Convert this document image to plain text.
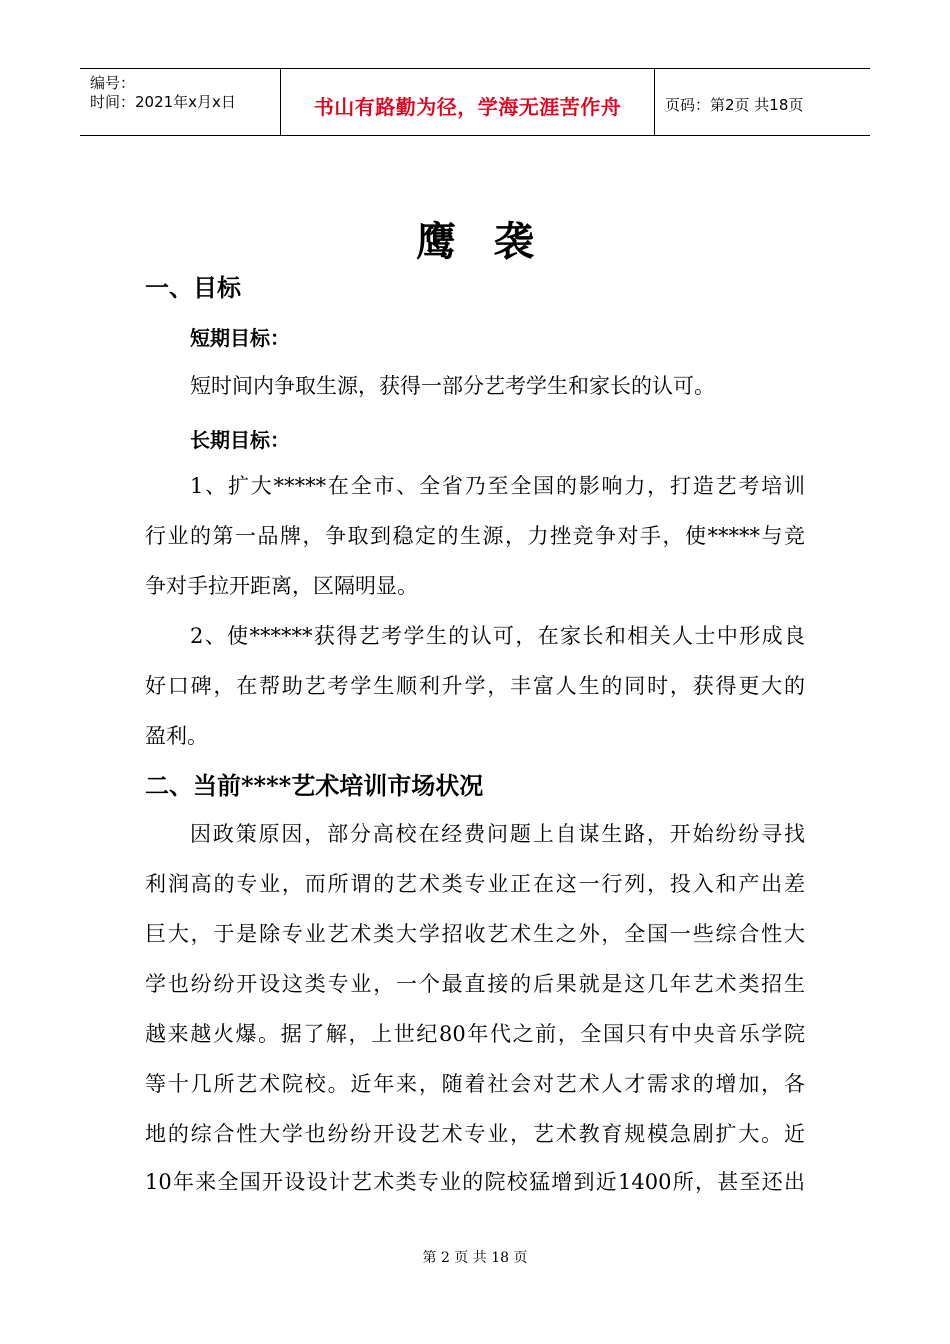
编号：
时间：2021年x月x日	书山有路勤为径，学海无涯苦作舟	页码：第2页 共18页
鹰袭
一、目标
短期目标：
短时间内争取生源，获得一部分艺考学生和家长的认可。
长期目标：
1、扩大*****在全市、全省乃至全国的影响力，打造艺考培训
行业的第一品牌，争取到稳定的生源，力挫竞争对手，使*****与竞
争对手拉开距离，区隔明显。
2、使******获得艺考学生的认可，在家长和相关人士中形成良
好口碑，在帮助艺考学生顺利升学，丰富人生的同时，获得更大的
盈利。
二、当前****艺术培训市场状况
因政策原因，部分高校在经费问题上自谋生路，开始纷纷寻找
利润高的专业，而所谓的艺术类专业正在这一行列，投入和产出差
巨大，于是除专业艺术类大学招收艺术生之外，全国一些综合性大
学也纷纷开设这类专业，一个最直接的后果就是这几年艺术类招生
越来越火爆。据了解，上世纪80年代之前，全国只有中央音乐学院
等十几所艺术院校。近年来，随着社会对艺术人才需求的增加，各
地的综合性大学也纷纷开设艺术专业，艺术教育规模急剧扩大。近
10年来全国开设设计艺术类专业的院校猛增到近1400所，甚至还出
第 2 页 共 18 页
